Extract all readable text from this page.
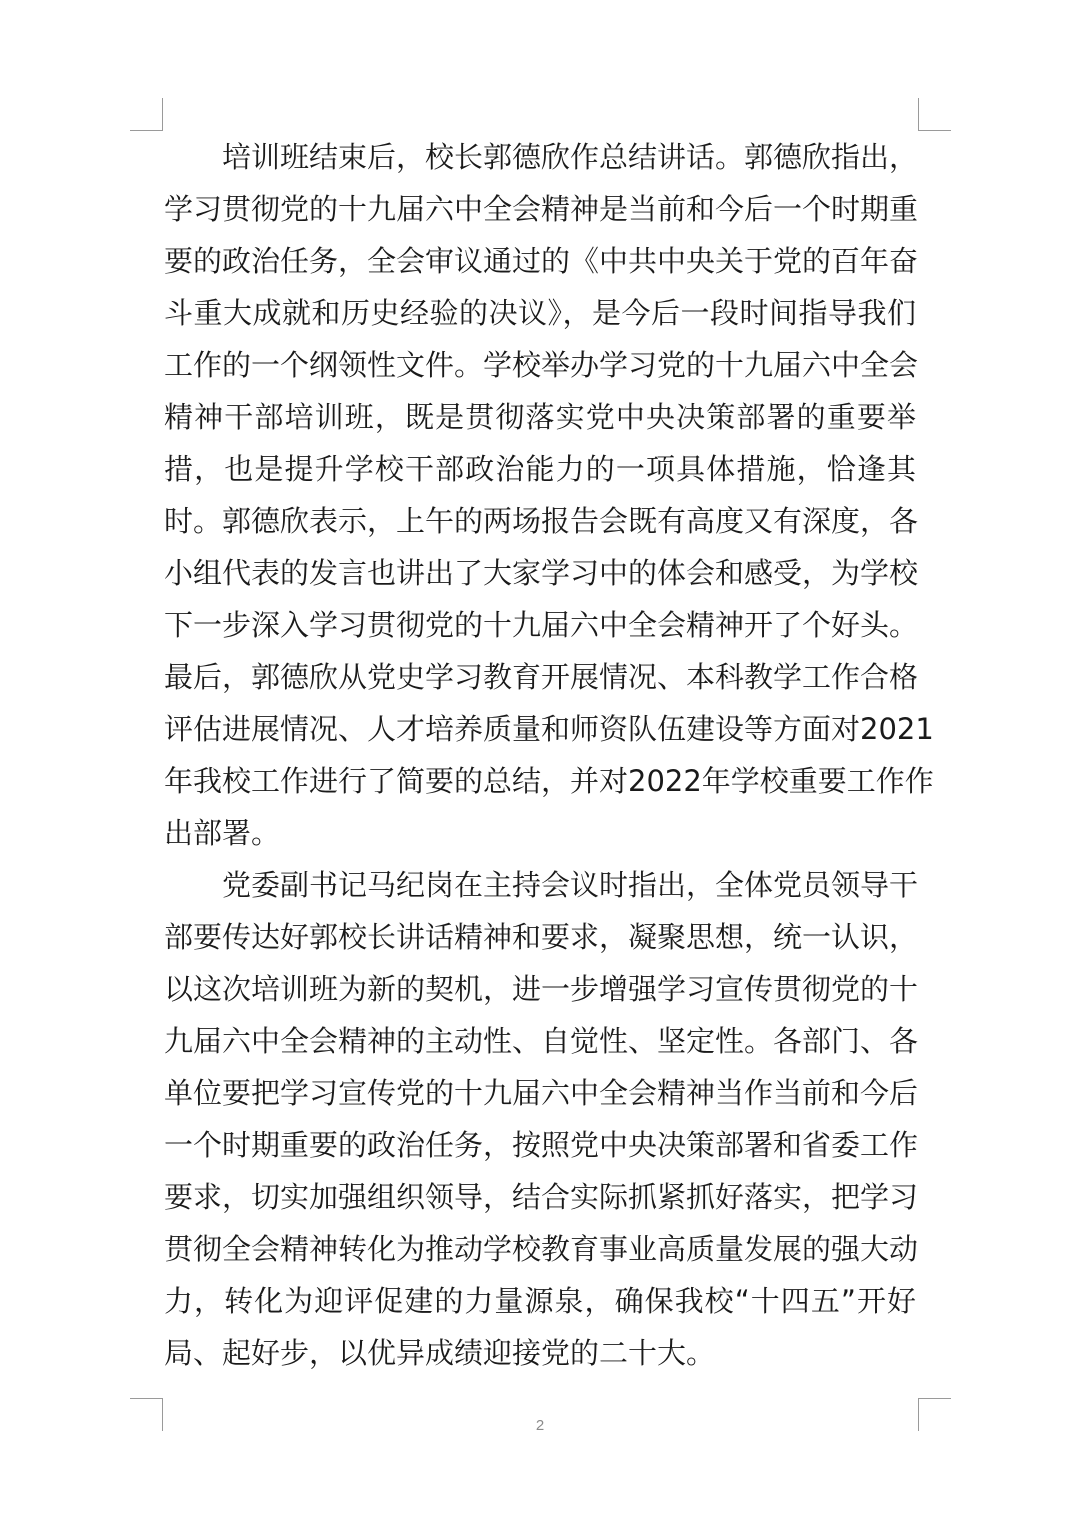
培训班结束后，校长郭德欣作总结讲话。郭德欣指出，
学习贯彻党的十九届六中全会精神是当前和今后一个时期重
要的政治任务，全会审议通过的《中共中央关于党的百年奋
斗重大成就和历史经验的决议》，是今后一段时间指导我们
工作的一个纲领性文件。学校举办学习党的十九届六中全会
精神干部培训班，既是贯彻落实党中央决策部署的重要举
措，也是提升学校干部政治能力的一项具体措施，恰逢其
时。郭德欣表示，上午的两场报告会既有高度又有深度，各
小组代表的发言也讲出了大家学习中的体会和感受，为学校
下一步深入学习贯彻党的十九届六中全会精神开了个好头。
最后，郭德欣从党史学习教育开展情况、本科教学工作合格
评估进展情况、人才培养质量和师资队伍建设等方面对2021
年我校工作进行了简要的总结，并对2022年学校重要工作作
出部署。
党委副书记马纪岗在主持会议时指出，全体党员领导干
部要传达好郭校长讲话精神和要求，凝聚思想，统一认识，
以这次培训班为新的契机，进一步增强学习宣传贯彻党的十
九届六中全会精神的主动性、自觉性、坚定性。各部门、各
单位要把学习宣传党的十九届六中全会精神当作当前和今后
一个时期重要的政治任务，按照党中央决策部署和省委工作
要求，切实加强组织领导，结合实际抓紧抓好落实，把学习
贯彻全会精神转化为推动学校教育事业高质量发展的强大动
力，转化为迎评促建的力量源泉，确保我校“十四五”开好
局、起好步，以优异成绩迎接党的二十大。
2
